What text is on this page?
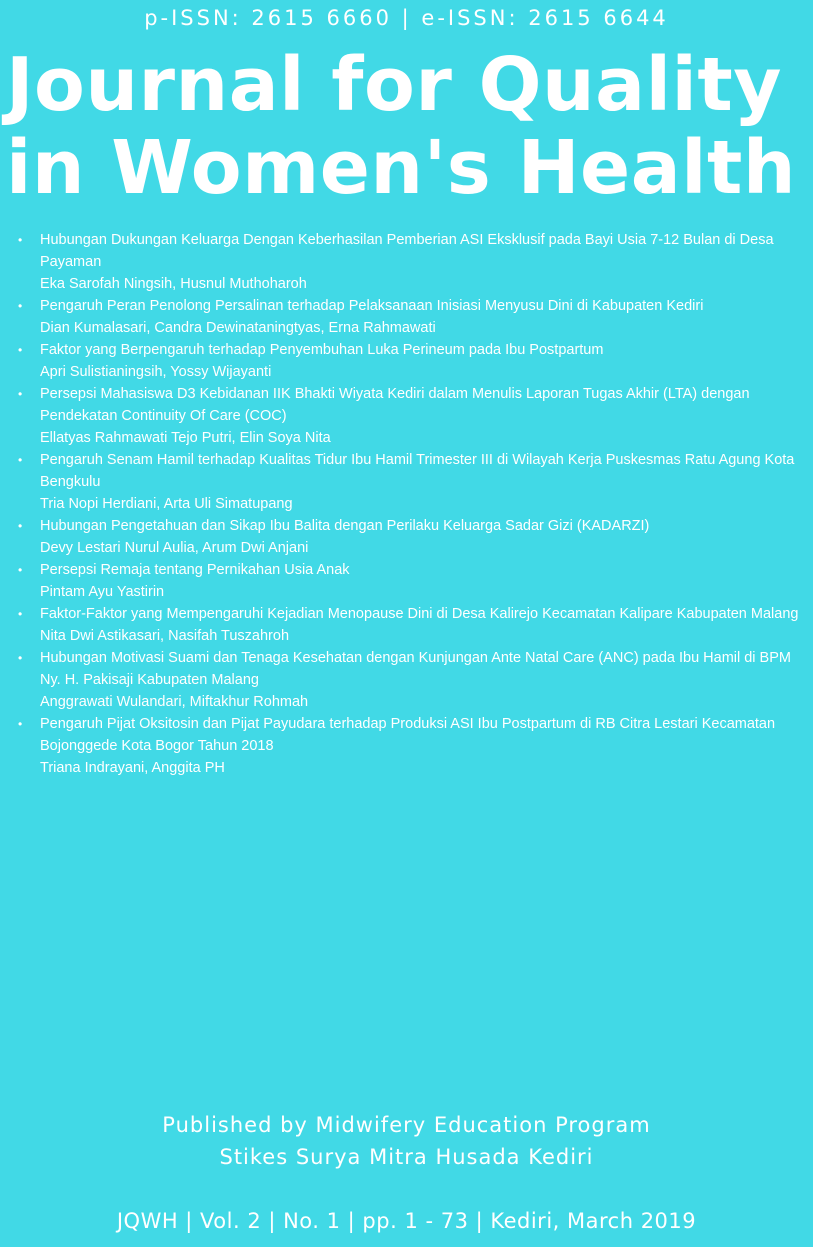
p-ISSN: 2615 6660 | e-ISSN: 2615 6644
Journal for Quality
in Women's Health
• Hubungan Dukungan Keluarga Dengan Keberhasilan Pemberian ASI Eksklusif pada Bayi Usia 7-12 Bulan di Desa Payaman
Eka Sarofah Ningsih, Husnul Muthoharoh
• Pengaruh Peran Penolong Persalinan terhadap Pelaksanaan Inisiasi Menyusu Dini di Kabupaten Kediri
Dian Kumalasari, Candra Dewinataningtyas, Erna Rahmawati
• Faktor yang Berpengaruh terhadap Penyembuhan Luka Perineum pada Ibu Postpartum
Apri Sulistianingsih, Yossy Wijayanti
• Persepsi Mahasiswa D3 Kebidanan IIK Bhakti Wiyata Kediri dalam Menulis Laporan Tugas Akhir (LTA) dengan Pendekatan Continuity Of Care (COC)
Ellatyas Rahmawati Tejo Putri, Elin Soya Nita
• Pengaruh Senam Hamil terhadap Kualitas Tidur Ibu Hamil Trimester III di Wilayah Kerja Puskesmas Ratu Agung Kota Bengkulu
Tria Nopi Herdiani, Arta Uli Simatupang
• Hubungan Pengetahuan dan Sikap Ibu Balita dengan Perilaku Keluarga Sadar Gizi (KADARZI)
Devy Lestari Nurul Aulia, Arum Dwi Anjani
• Persepsi Remaja tentang Pernikahan Usia Anak
Pintam Ayu Yastirin
• Faktor-Faktor yang Mempengaruhi Kejadian Menopause Dini di Desa Kalirejo Kecamatan Kalipare Kabupaten Malang
Nita Dwi Astikasari, Nasifah Tuszahroh
• Hubungan Motivasi Suami dan Tenaga Kesehatan dengan Kunjungan Ante Natal Care (ANC) pada Ibu Hamil di BPM Ny. H. Pakisaji Kabupaten Malang
Anggrawati Wulandari, Miftakhur Rohmah
• Pengaruh Pijat Oksitosin dan Pijat Payudara terhadap Produksi ASI Ibu Postpartum di RB Citra Lestari Kecamatan Bojonggede Kota Bogor Tahun 2018
Triana Indrayani, Anggita PH
Published by Midwifery Education Program
Stikes Surya Mitra Husada Kediri
JQWH | Vol. 2 | No. 1 | pp. 1 - 73 | Kediri, March 2019
